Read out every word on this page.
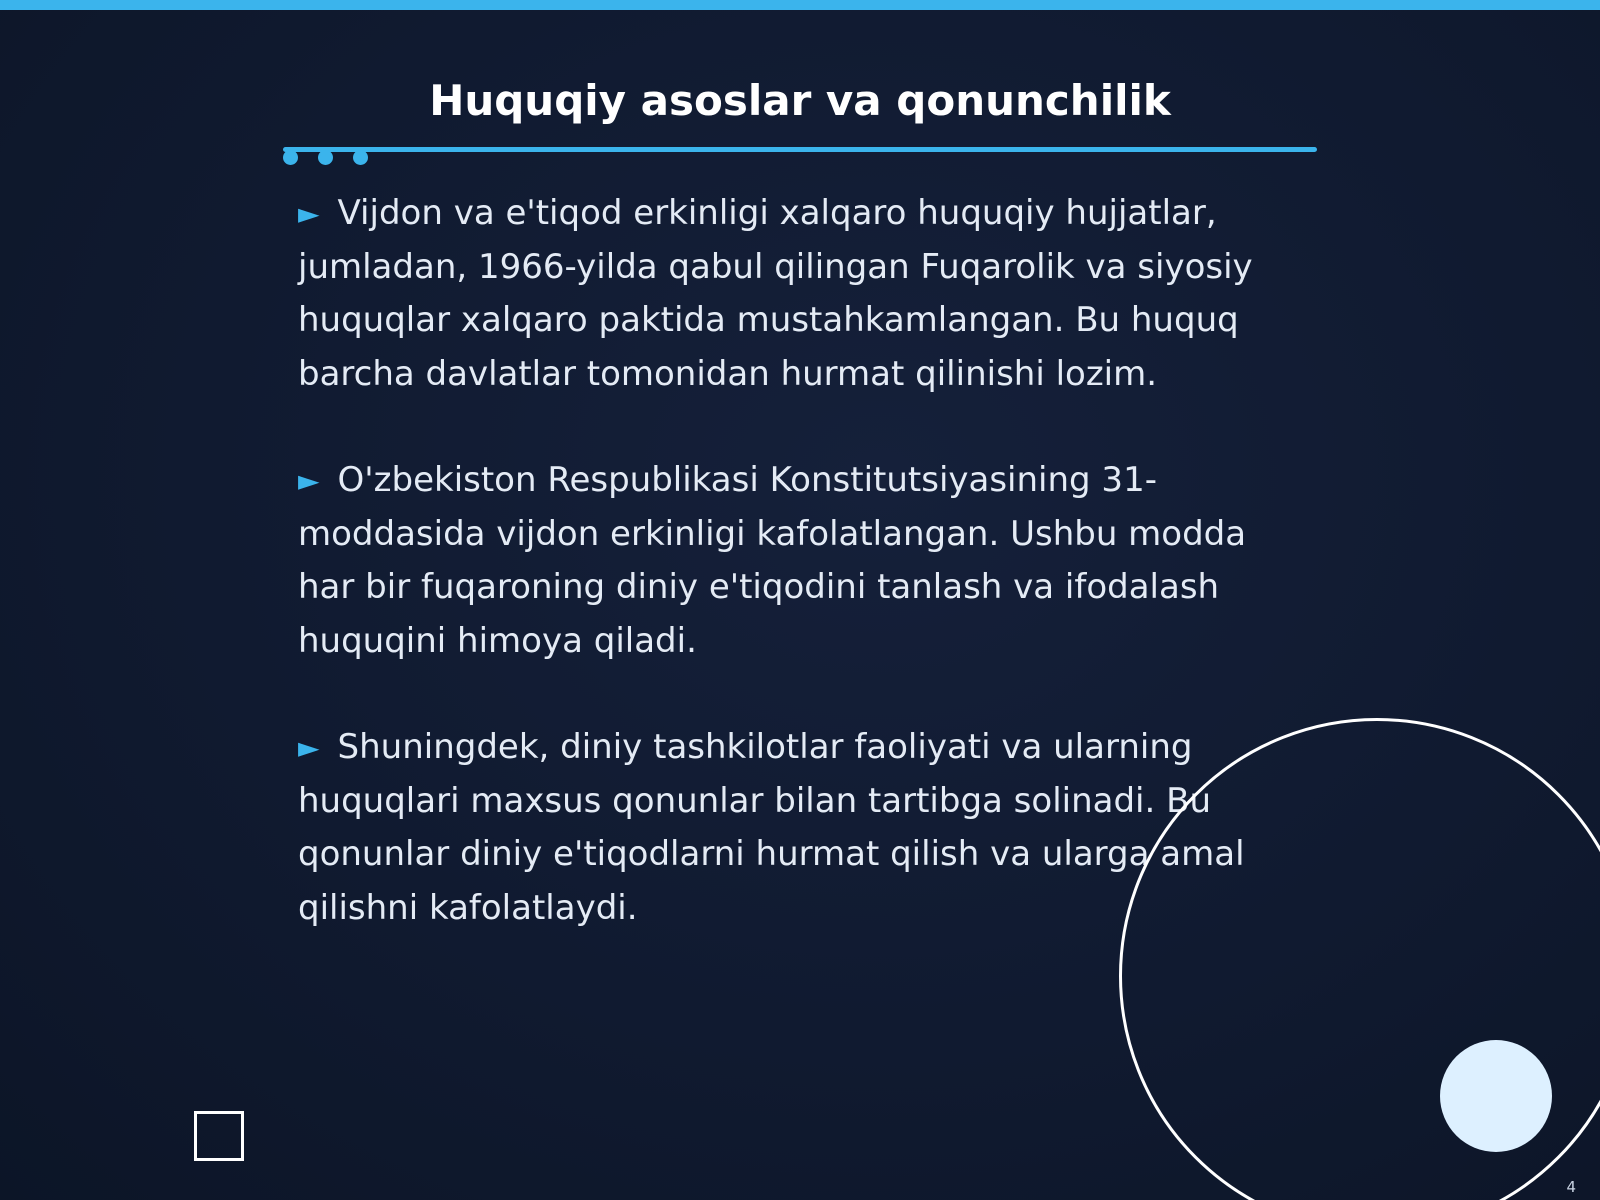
Huquqiy asoslar va qonunchilik

► Vijdon va e'tiqod erkinligi xalqaro huquqiy hujjatlar, jumladan, 1966-yilda qabul qilingan Fuqarolik va siyosiy huquqlar xalqaro paktida mustahkamlangan. Bu huquq barcha davlatlar tomonidan hurmat qilinishi lozim.

► O'zbekiston Respublikasi Konstitutsiyasining 31-moddasida vijdon erkinligi kafolatlangan. Ushbu modda har bir fuqaroning diniy e'tiqodini tanlash va ifodalash huquqini himoya qiladi.

► Shuningdek, diniy tashkilotlar faoliyati va ularning huquqlari maxsus qonunlar bilan tartibga solinadi. Bu qonunlar diniy e'tiqodlarni hurmat qilish va ularga amal qilishni kafolatlaydi.

4
